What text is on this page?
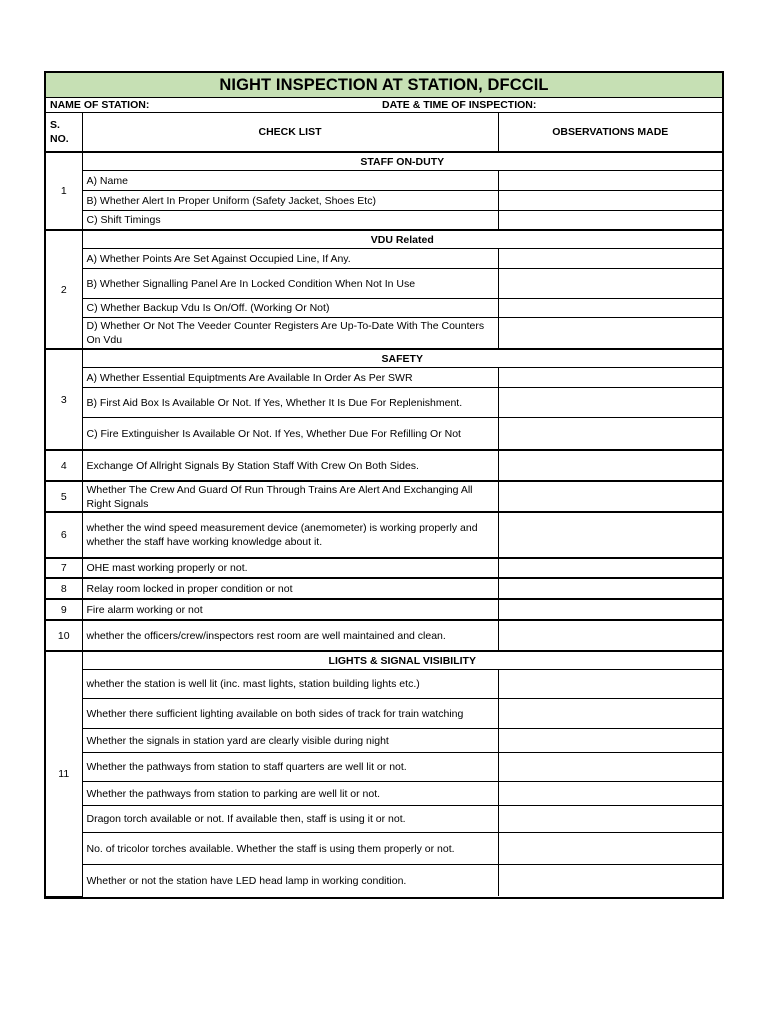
NIGHT INSPECTION AT STATION, DFCCIL
NAME OF STATION:	DATE & TIME OF INSPECTION:
S. NO.	CHECK LIST	OBSERVATIONS MADE
1	STAFF ON-DUTY	
	A) Name	
	B) Whether Alert In Proper Uniform (Safety Jacket, Shoes Etc)	
	C) Shift Timings	
2	VDU Related	
	A) Whether Points Are Set Against Occupied Line, If Any.	
	B) Whether Signalling Panel Are In Locked Condition When Not In Use	
	C) Whether Backup Vdu Is On/Off. (Working Or Not)	
	D) Whether Or Not The Veeder Counter Registers Are Up-To-Date With The Counters On Vdu	
3	SAFETY	
	A) Whether Essential Equiptments Are Available In Order As Per SWR	
	B) First Aid Box Is Available Or Not. If Yes, Whether It Is Due For Replenishment.	
	C) Fire Extinguisher Is Available Or Not. If Yes, Whether Due For Refilling Or Not	
4	Exchange Of Allright Signals By Station Staff With Crew On Both Sides.	
5	Whether The Crew And Guard Of Run Through Trains Are Alert And Exchanging All Right Signals	
6	whether the wind speed measurement device (anemometer) is working properly and whether the staff have working knowledge about it.	
7	OHE mast working properly or not.	
8	Relay room locked in proper condition or not	
9	Fire alarm working or not	
10	whether the officers/crew/inspectors rest room are well maintained and clean.	
11	LIGHTS & SIGNAL VISIBILITY	
	whether the station is well lit (inc. mast lights, station building lights etc.)	
	Whether there sufficient lighting available on both sides of track for train watching	
	Whether the signals in station yard are clearly visible during night	
	Whether the pathways from station to staff quarters are well lit or not.	
	Whether the pathways from station to parking are well lit or not.	
	Dragon torch available or not. If available then, staff is using it or not.	
	No. of tricolor torches available. Whether the staff is using them properly or not.	
	Whether or not the station have LED head lamp in working condition.	
